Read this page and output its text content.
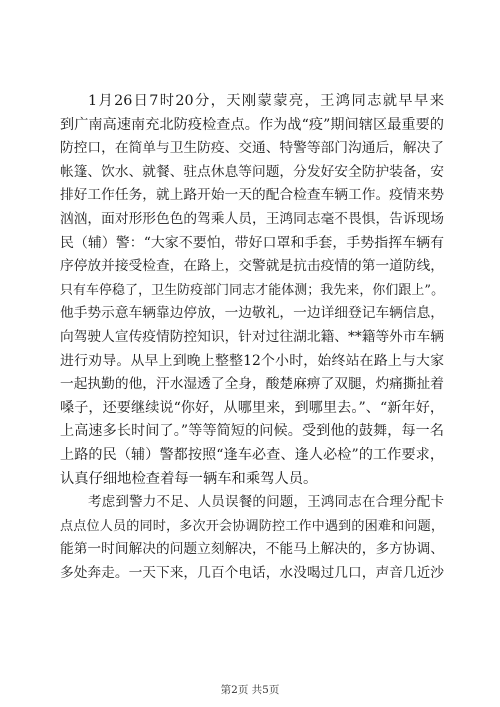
1月26日7时20分，天刚蒙蒙亮，王鸿同志就早早来
到广南高速南充北防疫检查点。作为战“疫”期间辖区最重要的
防控口，在简单与卫生防疫、交通、特警等部门沟通后，解决了
帐篷、饮水、就餐、驻点休息等问题，分发好安全防护装备，安
排好工作任务，就上路开始一天的配合检查车辆工作。疫情来势
汹汹，面对形形色色的驾乘人员，王鸿同志毫不畏惧，告诉现场
民（辅）警：“大家不要怕，带好口罩和手套，手势指挥车辆有
序停放并接受检查，在路上，交警就是抗击疫情的第一道防线，
只有车停稳了，卫生防疫部门同志才能体测；我先来，你们跟上”。
他手势示意车辆靠边停放，一边敬礼，一边详细登记车辆信息，
向驾驶人宣传疫情防控知识，针对过往湖北籍、**籍等外市车辆
进行劝导。从早上到晚上整整12个小时，始终站在路上与大家
一起执勤的他，汗水湿透了全身，酸楚麻痹了双腿，灼痛撕扯着
嗓子，还要继续说“你好，从哪里来，到哪里去。”、“新年好，
上高速多长时间了。”等等简短的问候。受到他的鼓舞，每一名
上路的民（辅）警都按照“逢车必查、逢人必检”的工作要求，
认真仔细地检查着每一辆车和乘驾人员。

考虑到警力不足、人员误餐的问题，王鸿同志在合理分配卡
点点位人员的同时，多次开会协调防控工作中遇到的困难和问题，
能第一时间解决的问题立刻解决，不能马上解决的，多方协调、
多处奔走。一天下来，几百个电话，水没喝过几口，声音几近沙

第2页 共5页
